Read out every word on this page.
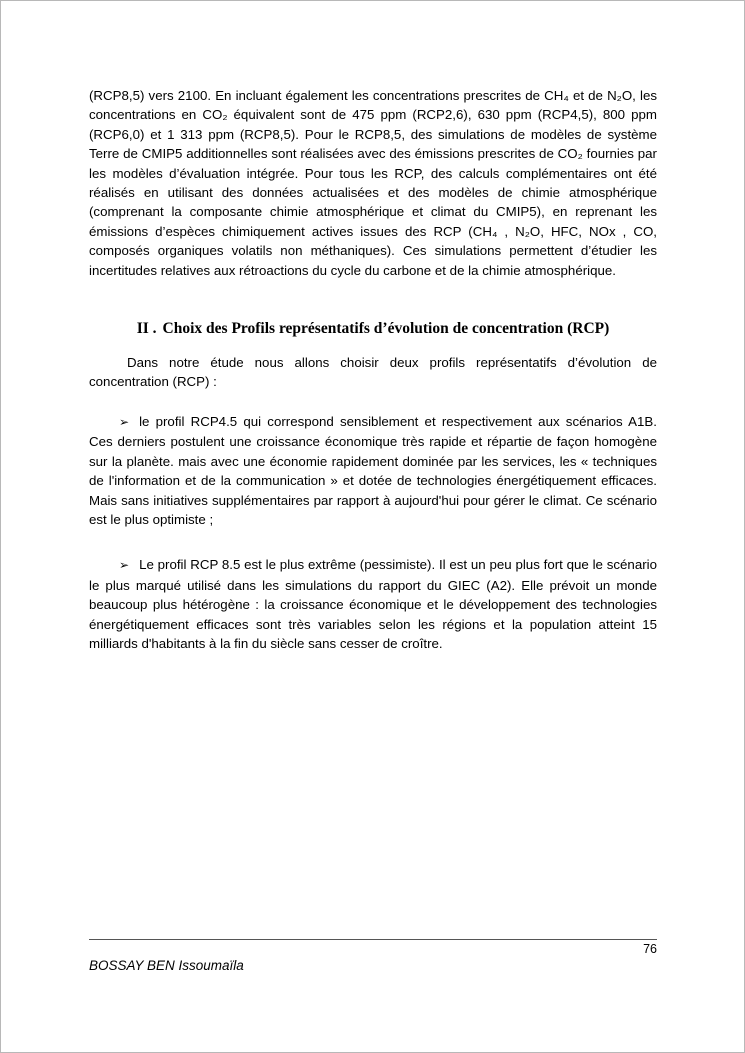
(RCP8,5) vers 2100. En incluant également les concentrations prescrites de CH₄ et de N₂O, les concentrations en CO₂ équivalent sont de 475 ppm (RCP2,6), 630 ppm (RCP4,5), 800 ppm (RCP6,0) et 1 313 ppm (RCP8,5). Pour le RCP8,5, des simulations de modèles de système Terre de CMIP5 additionnelles sont réalisées avec des émissions prescrites de CO₂ fournies par les modèles d’évaluation intégrée. Pour tous les RCP, des calculs complémentaires ont été réalisés en utilisant des données actualisées et des modèles de chimie atmosphérique (comprenant la composante chimie atmosphérique et climat du CMIP5), en reprenant les émissions d’espèces chimiquement actives issues des RCP (CH₄ , N₂O, HFC, NOx , CO, composés organiques volatils non méthaniques). Ces simulations permettent d’étudier les incertitudes relatives aux rétroactions du cycle du carbone et de la chimie atmosphérique.

II . Choix des Profils représentatifs d’évolution de concentration (RCP)

Dans notre étude nous allons choisir deux profils représentatifs d’évolution de concentration (RCP) :

➢ le profil RCP4.5 qui correspond sensiblement et respectivement aux scénarios A1B. Ces derniers postulent une croissance économique très rapide et répartie de façon homogène sur la planète. mais avec une économie rapidement dominée par les services, les « techniques de l'information et de la communication » et dotée de technologies énergétiquement efficaces. Mais sans initiatives supplémentaires par rapport à aujourd'hui pour gérer le climat. Ce scénario est le plus optimiste ;

➢ Le profil RCP 8.5 est le plus extrême (pessimiste). Il est un peu plus fort que le scénario le plus marqué utilisé dans les simulations du rapport du GIEC (A2). Elle prévoit un monde beaucoup plus hétérogène : la croissance économique et le développement des technologies énergétiquement efficaces sont très variables selon les régions et la population atteint 15 milliards d'habitants à la fin du siècle sans cesser de croître.

76
BOSSAY BEN Issoumaïla
